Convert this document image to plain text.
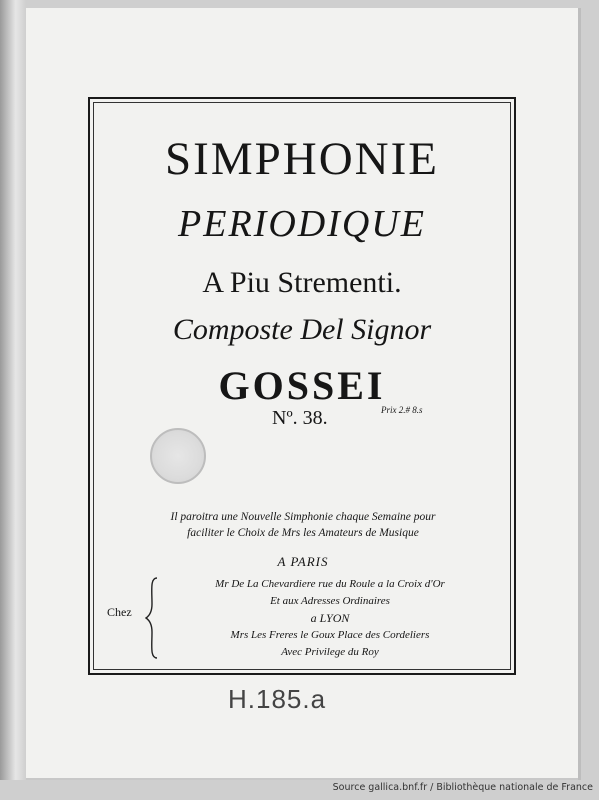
SIMPHONIE
PERIODIQUE
A Piu Strementi.
Composte Del Signor
GOSSEI
Nº. 38.	Prix 2.# 8.s
Il paroitra une Nouvelle Simphonie chaque Semaine pour
faciliter le Choix de Mrs les Amateurs de Musique
A PARIS
Chez
Mr De La Chevardiere rue du Roule a la Croix d'Or
Et aux Adresses Ordinaires
a LYON
Mrs Les Freres le Goux Place des Cordeliers
Avec Privilege du Roy
H.185.a
Source gallica.bnf.fr / Bibliothèque nationale de France
